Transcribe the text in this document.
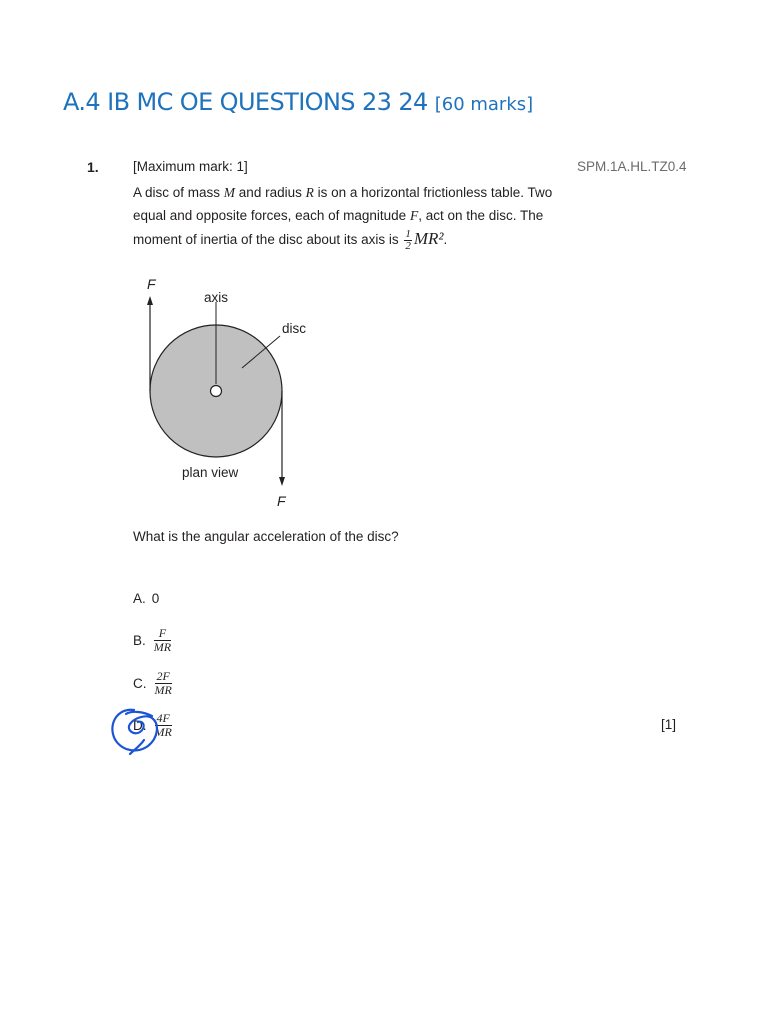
A.4 IB MC OE QUESTIONS 23 24 [60 marks]
1.	[Maximum mark: 1]	SPM.1A.HL.TZ0.4
A disc of mass M and radius R is on a horizontal frictionless table. Two equal and opposite forces, each of magnitude F, act on the disc. The moment of inertia of the disc about its axis is $\frac{1}{2} MR^2$.
F
axis
disc
plan view
F
What is the angular acceleration of the disc?
A. 0
B. $\frac{F}{MR}$
C. $\frac{2F}{MR}$
D. $\frac{4F}{MR}$	[1]
